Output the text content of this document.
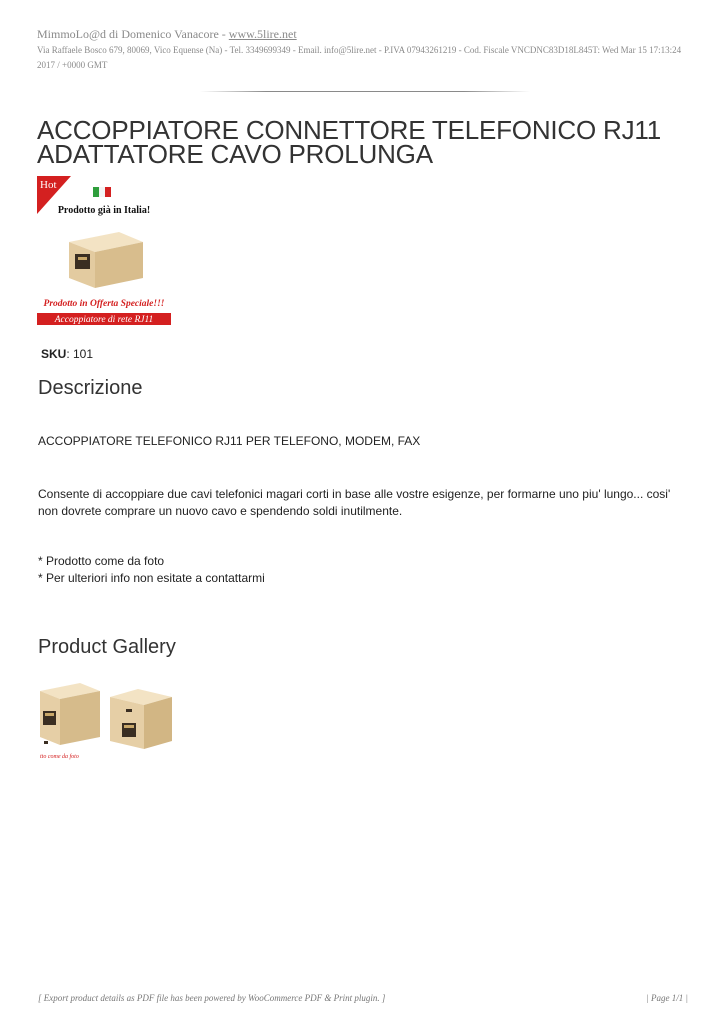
MimmoLo@d di Domenico Vanacore - www.5lire.net
Via Raffaele Bosco 679, 80069, Vico Equense (Na) - Tel. 3349699349 - Email. info@5lire.net - P.IVA 07943261219 - Cod. Fiscale VNCDNC83D18L845T: Wed Mar 15 17:13:24 2017 / +0000 GMT
ACCOPPIATORE CONNETTORE TELEFONICO RJ11 ADATTATORE CAVO PROLUNGA
Hot
Prodotto già in Italia!
Prodotto in Offerta Speciale!!!
Accoppiatore di rete RJ11
SKU: 101
Descrizione
ACCOPPIATORE TELEFONICO RJ11 PER TELEFONO, MODEM, FAX
Consente di accoppiare due cavi telefonici magari corti in base alle vostre esigenze, per formarne uno piu' lungo... cosi' non dovrete comprare un nuovo cavo e spendendo soldi inutilmente.
* Prodotto come da foto
* Per ulteriori info non esitate a contattarmi
Product Gallery
tto come da foto
[ Export product details as PDF file has been powered by WooCommerce PDF & Print plugin. ]	| Page 1/1 |
